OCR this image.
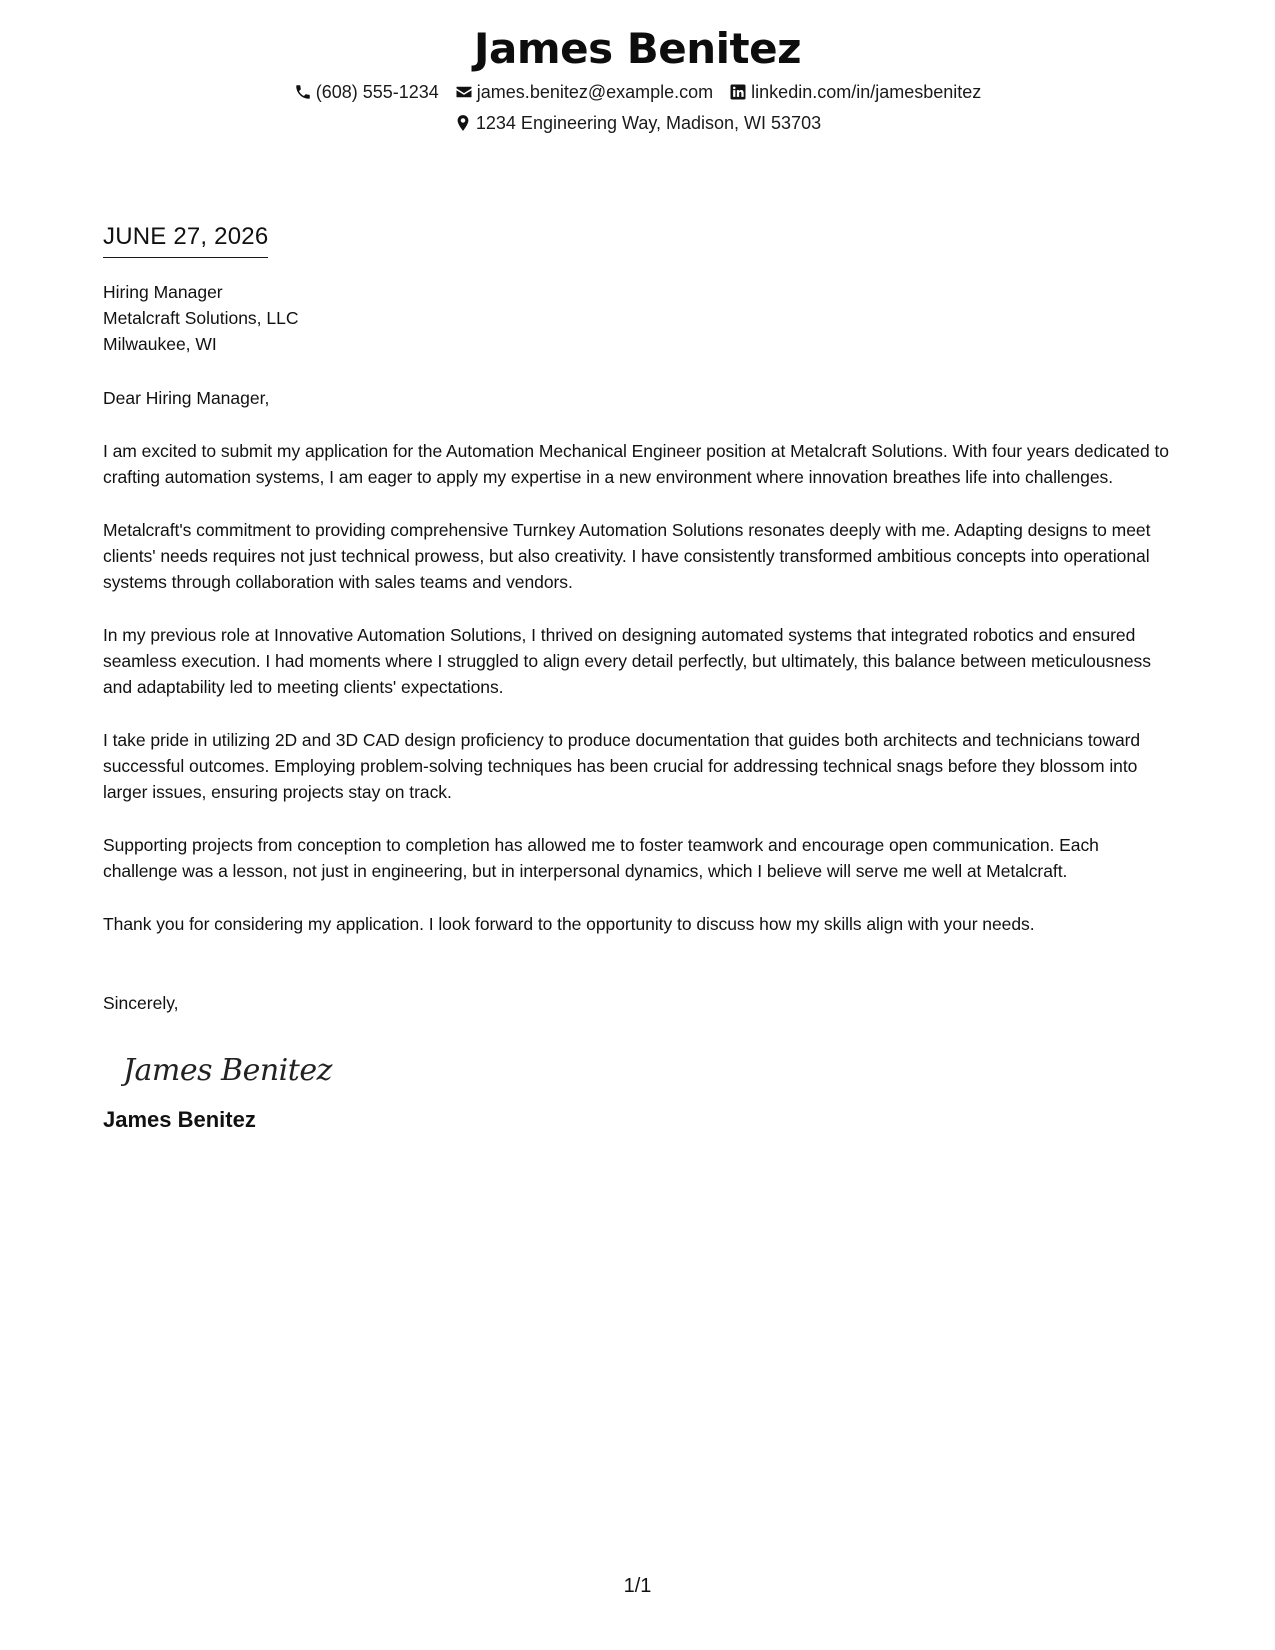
James Benitez
(608) 555-1234 james.benitez@example.com linkedin.com/in/jamesbenitez
1234 Engineering Way, Madison, WI 53703
JUNE 27, 2026
Hiring Manager
Metalcraft Solutions, LLC
Milwaukee, WI
Dear Hiring Manager,
I am excited to submit my application for the Automation Mechanical Engineer position at Metalcraft Solutions. With four years dedicated to crafting automation systems, I am eager to apply my expertise in a new environment where innovation breathes life into challenges.
Metalcraft's commitment to providing comprehensive Turnkey Automation Solutions resonates deeply with me. Adapting designs to meet clients' needs requires not just technical prowess, but also creativity. I have consistently transformed ambitious concepts into operational systems through collaboration with sales teams and vendors.
In my previous role at Innovative Automation Solutions, I thrived on designing automated systems that integrated robotics and ensured seamless execution. I had moments where I struggled to align every detail perfectly, but ultimately, this balance between meticulousness and adaptability led to meeting clients' expectations.
I take pride in utilizing 2D and 3D CAD design proficiency to produce documentation that guides both architects and technicians toward successful outcomes. Employing problem-solving techniques has been crucial for addressing technical snags before they blossom into larger issues, ensuring projects stay on track.
Supporting projects from conception to completion has allowed me to foster teamwork and encourage open communication. Each challenge was a lesson, not just in engineering, but in interpersonal dynamics, which I believe will serve me well at Metalcraft.
Thank you for considering my application. I look forward to the opportunity to discuss how my skills align with your needs.
Sincerely,
James Benitez
James Benitez
1/1
